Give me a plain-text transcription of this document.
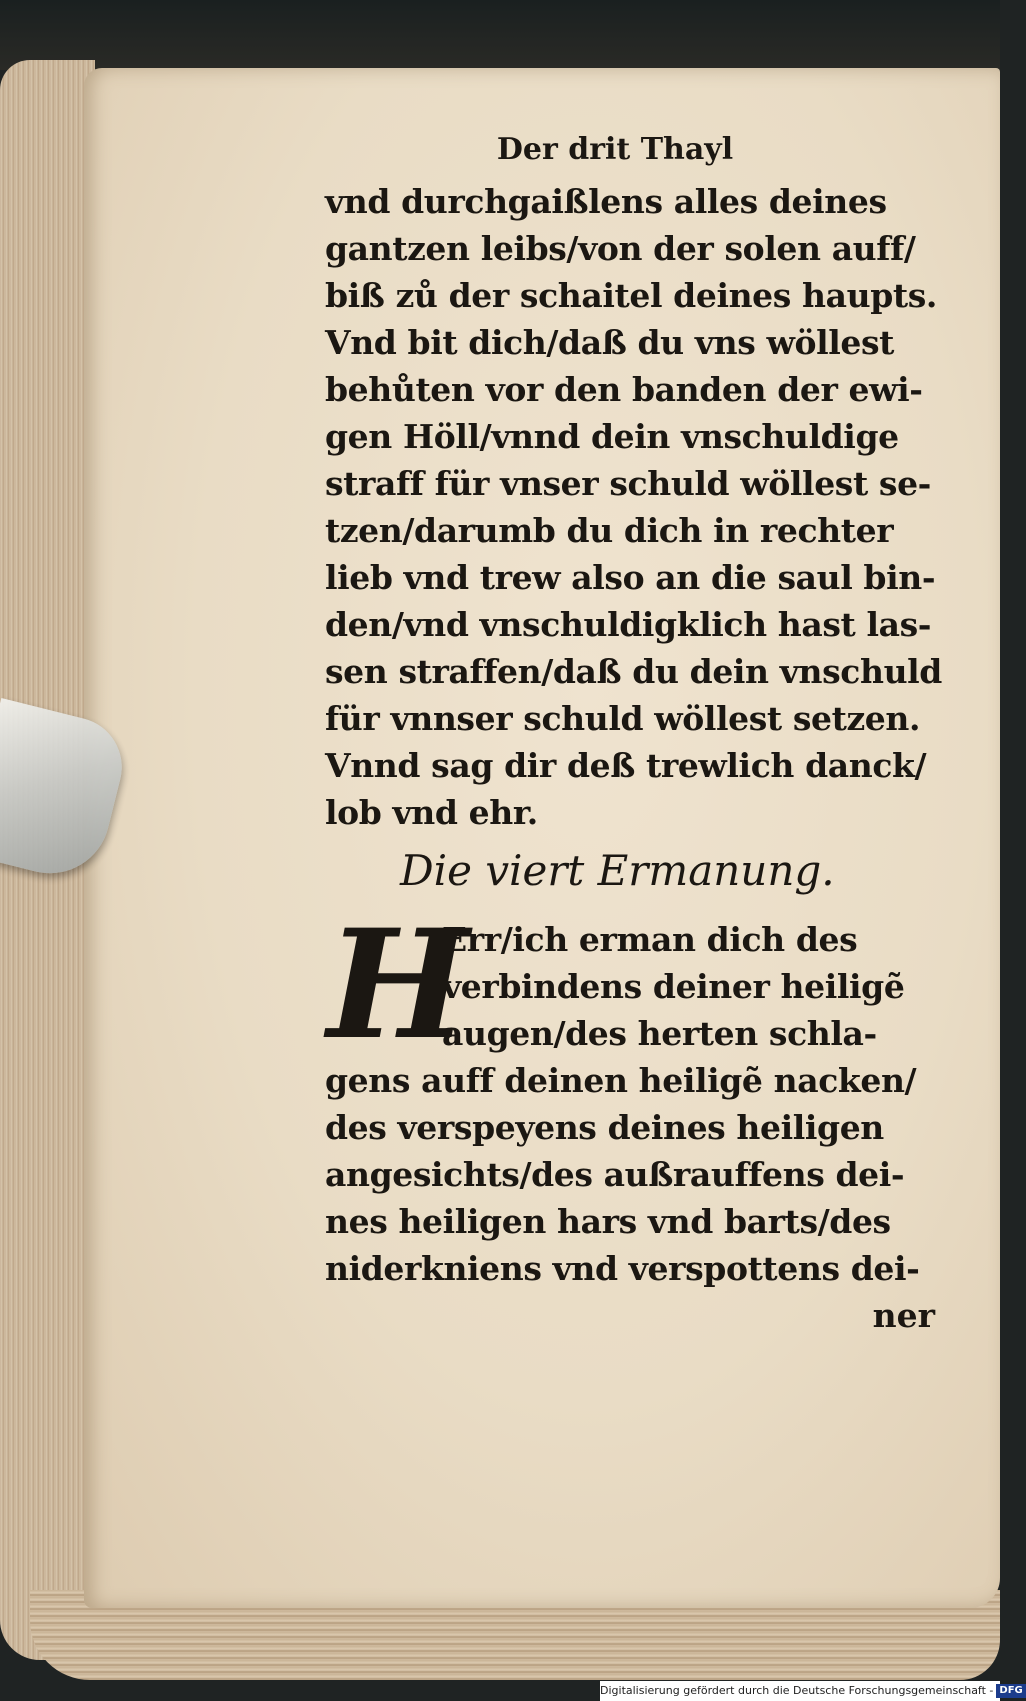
Der drit Thayl
vnd durchgaißlens alles deines
gantzen leibs/von der solen auff/
biß zů der schaitel deines haupts.
Vnd bit dich/daß du vns wöllest
behůten vor den banden der ewi-
gen Höll/vnnd dein vnschuldige
straff für vnser schuld wöllest se-
tzen/darumb du dich in rechter
lieb vnd trew also an die saul bin-
den/vnd vnschuldigklich hast las-
sen straffen/daß du dein vnschuld
für vnnser schuld wöllest setzen.
Vnnd sag dir deß trewlich danck/
lob vnd ehr.
Die viert Ermanung.
H
Err/ich erman dich des
verbindens deiner heiligẽ
augen/des herten schla-
gens auff deinen heiligẽ nacken/
des verspeyens deines heiligen
angesichts/des außrauffens dei-
nes heiligen hars vnd barts/des
niderkniens vnd verspottens dei-
ner
Digitalisierung gefördert durch die Deutsche Forschungsgemeinschaft - DFG
